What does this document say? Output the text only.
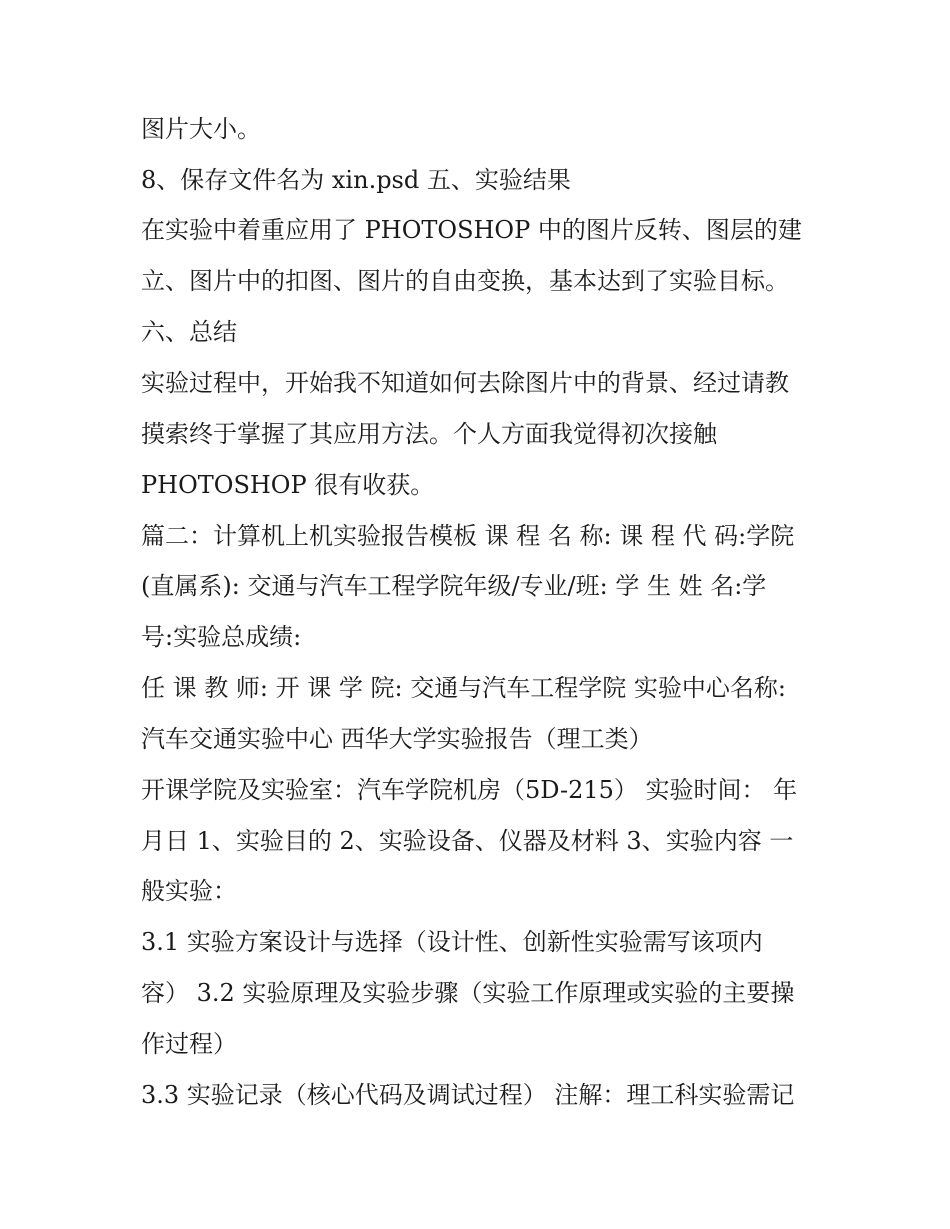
图片大小。
8、保存文件名为 xin.psd 五、实验结果
在实验中着重应用了 PHOTOSHOP 中的图片反转、图层的建
立、图片中的扣图、图片的自由变换，基本达到了实验目标。
六、总结
实验过程中，开始我不知道如何去除图片中的背景、经过请教
摸索终于掌握了其应用方法。个人方面我觉得初次接触
PHOTOSHOP 很有收获。
篇二：计算机上机实验报告模板 课 程 名 称: 课 程 代 码:学院
(直属系): 交通与汽车工程学院年级/专业/班: 学 生 姓 名:学
号:实验总成绩:
任 课 教 师: 开 课 学 院: 交通与汽车工程学院 实验中心名称:
汽车交通实验中心 西华大学实验报告（理工类）
开课学院及实验室：汽车学院机房（5D-215） 实验时间： 年
月日 1、实验目的 2、实验设备、仪器及材料 3、实验内容 一
般实验：
3.1 实验方案设计与选择（设计性、创新性实验需写该项内
容） 3.2 实验原理及实验步骤（实验工作原理或实验的主要操
作过程）
3.3 实验记录（核心代码及调试过程） 注解：理工科实验需记
